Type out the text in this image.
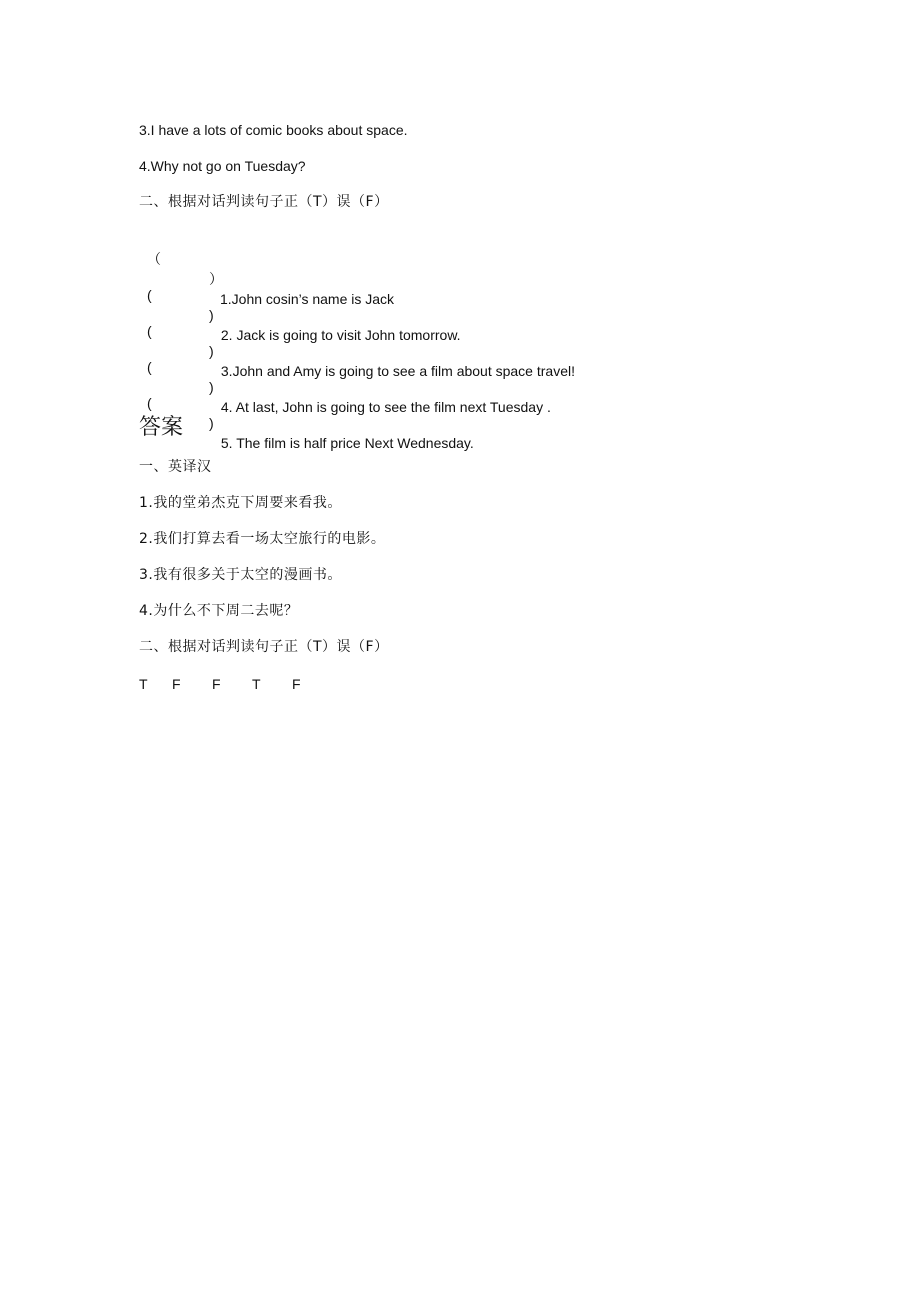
3.I have a lots of comic books about space.
4.Why not go on Tuesday?
二、根据对话判读句子正（T）误（F）

（

）

1.John cosin’s name is Jack

(

)

2. Jack is going to visit John tomorrow.

(

)

3.John and Amy is going to see a film about space travel!

(

)

4. At last, John is going to see the film next Tuesday .

(

)

5. The film is half price Next Wednesday.

答案
一、英译汉
1.我的堂弟杰克下周要来看我。
2.我们打算去看一场太空旅行的电影。
3.我有很多关于太空的漫画书。
4.为什么不下周二去呢？
二、根据对话判读句子正（T）误（F）
T F F T F
